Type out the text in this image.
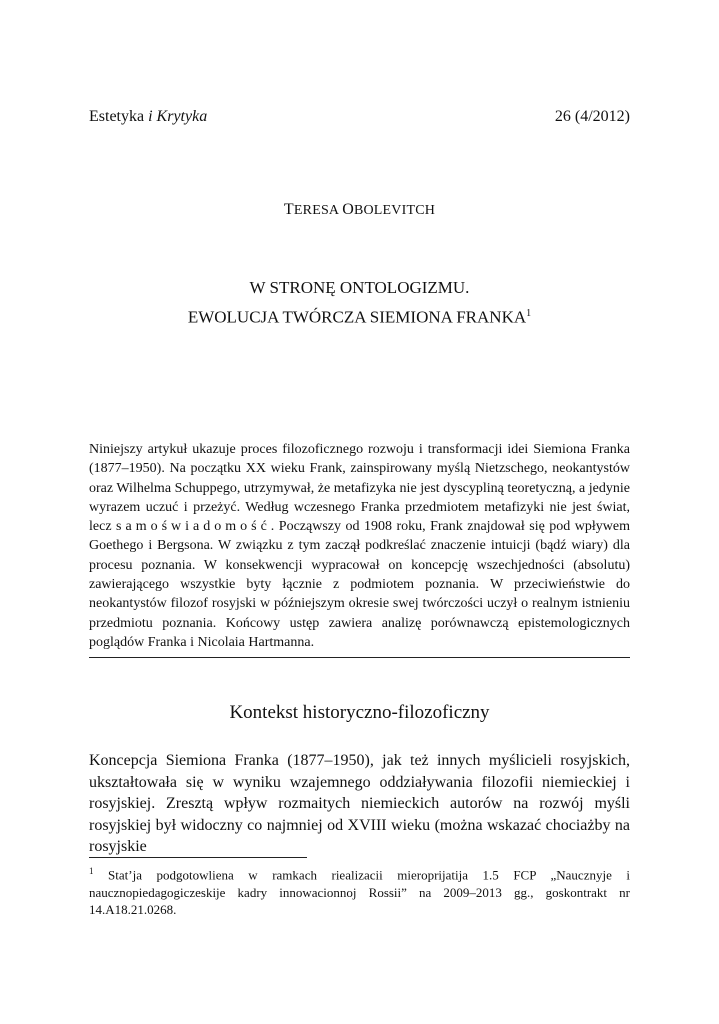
Estetyka i Krytyka	26 (4/2012)
TERESA OBOLEVITCH
W STRONĘ ONTOLOGIZMU.
EWOLUCJA TWÓRCZA SIEMIONA FRANKA$^1$
Niniejszy artykuł ukazuje proces filozoficznego rozwoju i transformacji idei Siemiona Franka (1877–1950). Na początku XX wieku Frank, zainspirowany myślą Nietzschego, neokantystów oraz Wilhelma Schuppego, utrzymywał, że metafizyka nie jest dyscypliną teoretyczną, a jedynie wyrazem uczuć i przeżyć. Według wczesnego Franka przedmiotem metafizyki nie jest świat, lecz samoświadomość. Począwszy od 1908 roku, Frank znajdował się pod wpływem Goethego i Bergsona. W związku z tym zaczął podkreślać znaczenie intuicji (bądź wiary) dla procesu poznania. W konsekwencji wypracował on koncepcję wszechjedności (absolutu) zawierającego wszystkie byty łącznie z podmiotem poznania. W przeciwieństwie do neokantystów filozof rosyjski w późniejszym okresie swej twórczości uczył o realnym istnieniu przedmiotu poznania. Końcowy ustęp zawiera analizę porównawczą epistemologicznych poglądów Franka i Nicolaia Hartmanna.
Kontekst historyczno-filozoficzny
Koncepcja Siemiona Franka (1877–1950), jak też innych myślicieli rosyjskich, ukształtowała się w wyniku wzajemnego oddziaływania filozofii niemieckiej i rosyjskiej. Zresztą wpływ rozmaitych niemieckich autorów na rozwój myśli rosyjskiej był widoczny co najmniej od XVIII wieku (można wskazać chociażby na rosyjskie
$^1$ Stat’ja podgotowliena w ramkach riealizacii mieroprijatija 1.5 FCP „Naucznyje i naucznopiedagogiczeskije kadry innowacionnoj Rossii” na 2009–2013 gg., goskontrakt nr 14.A18.21.0268.
